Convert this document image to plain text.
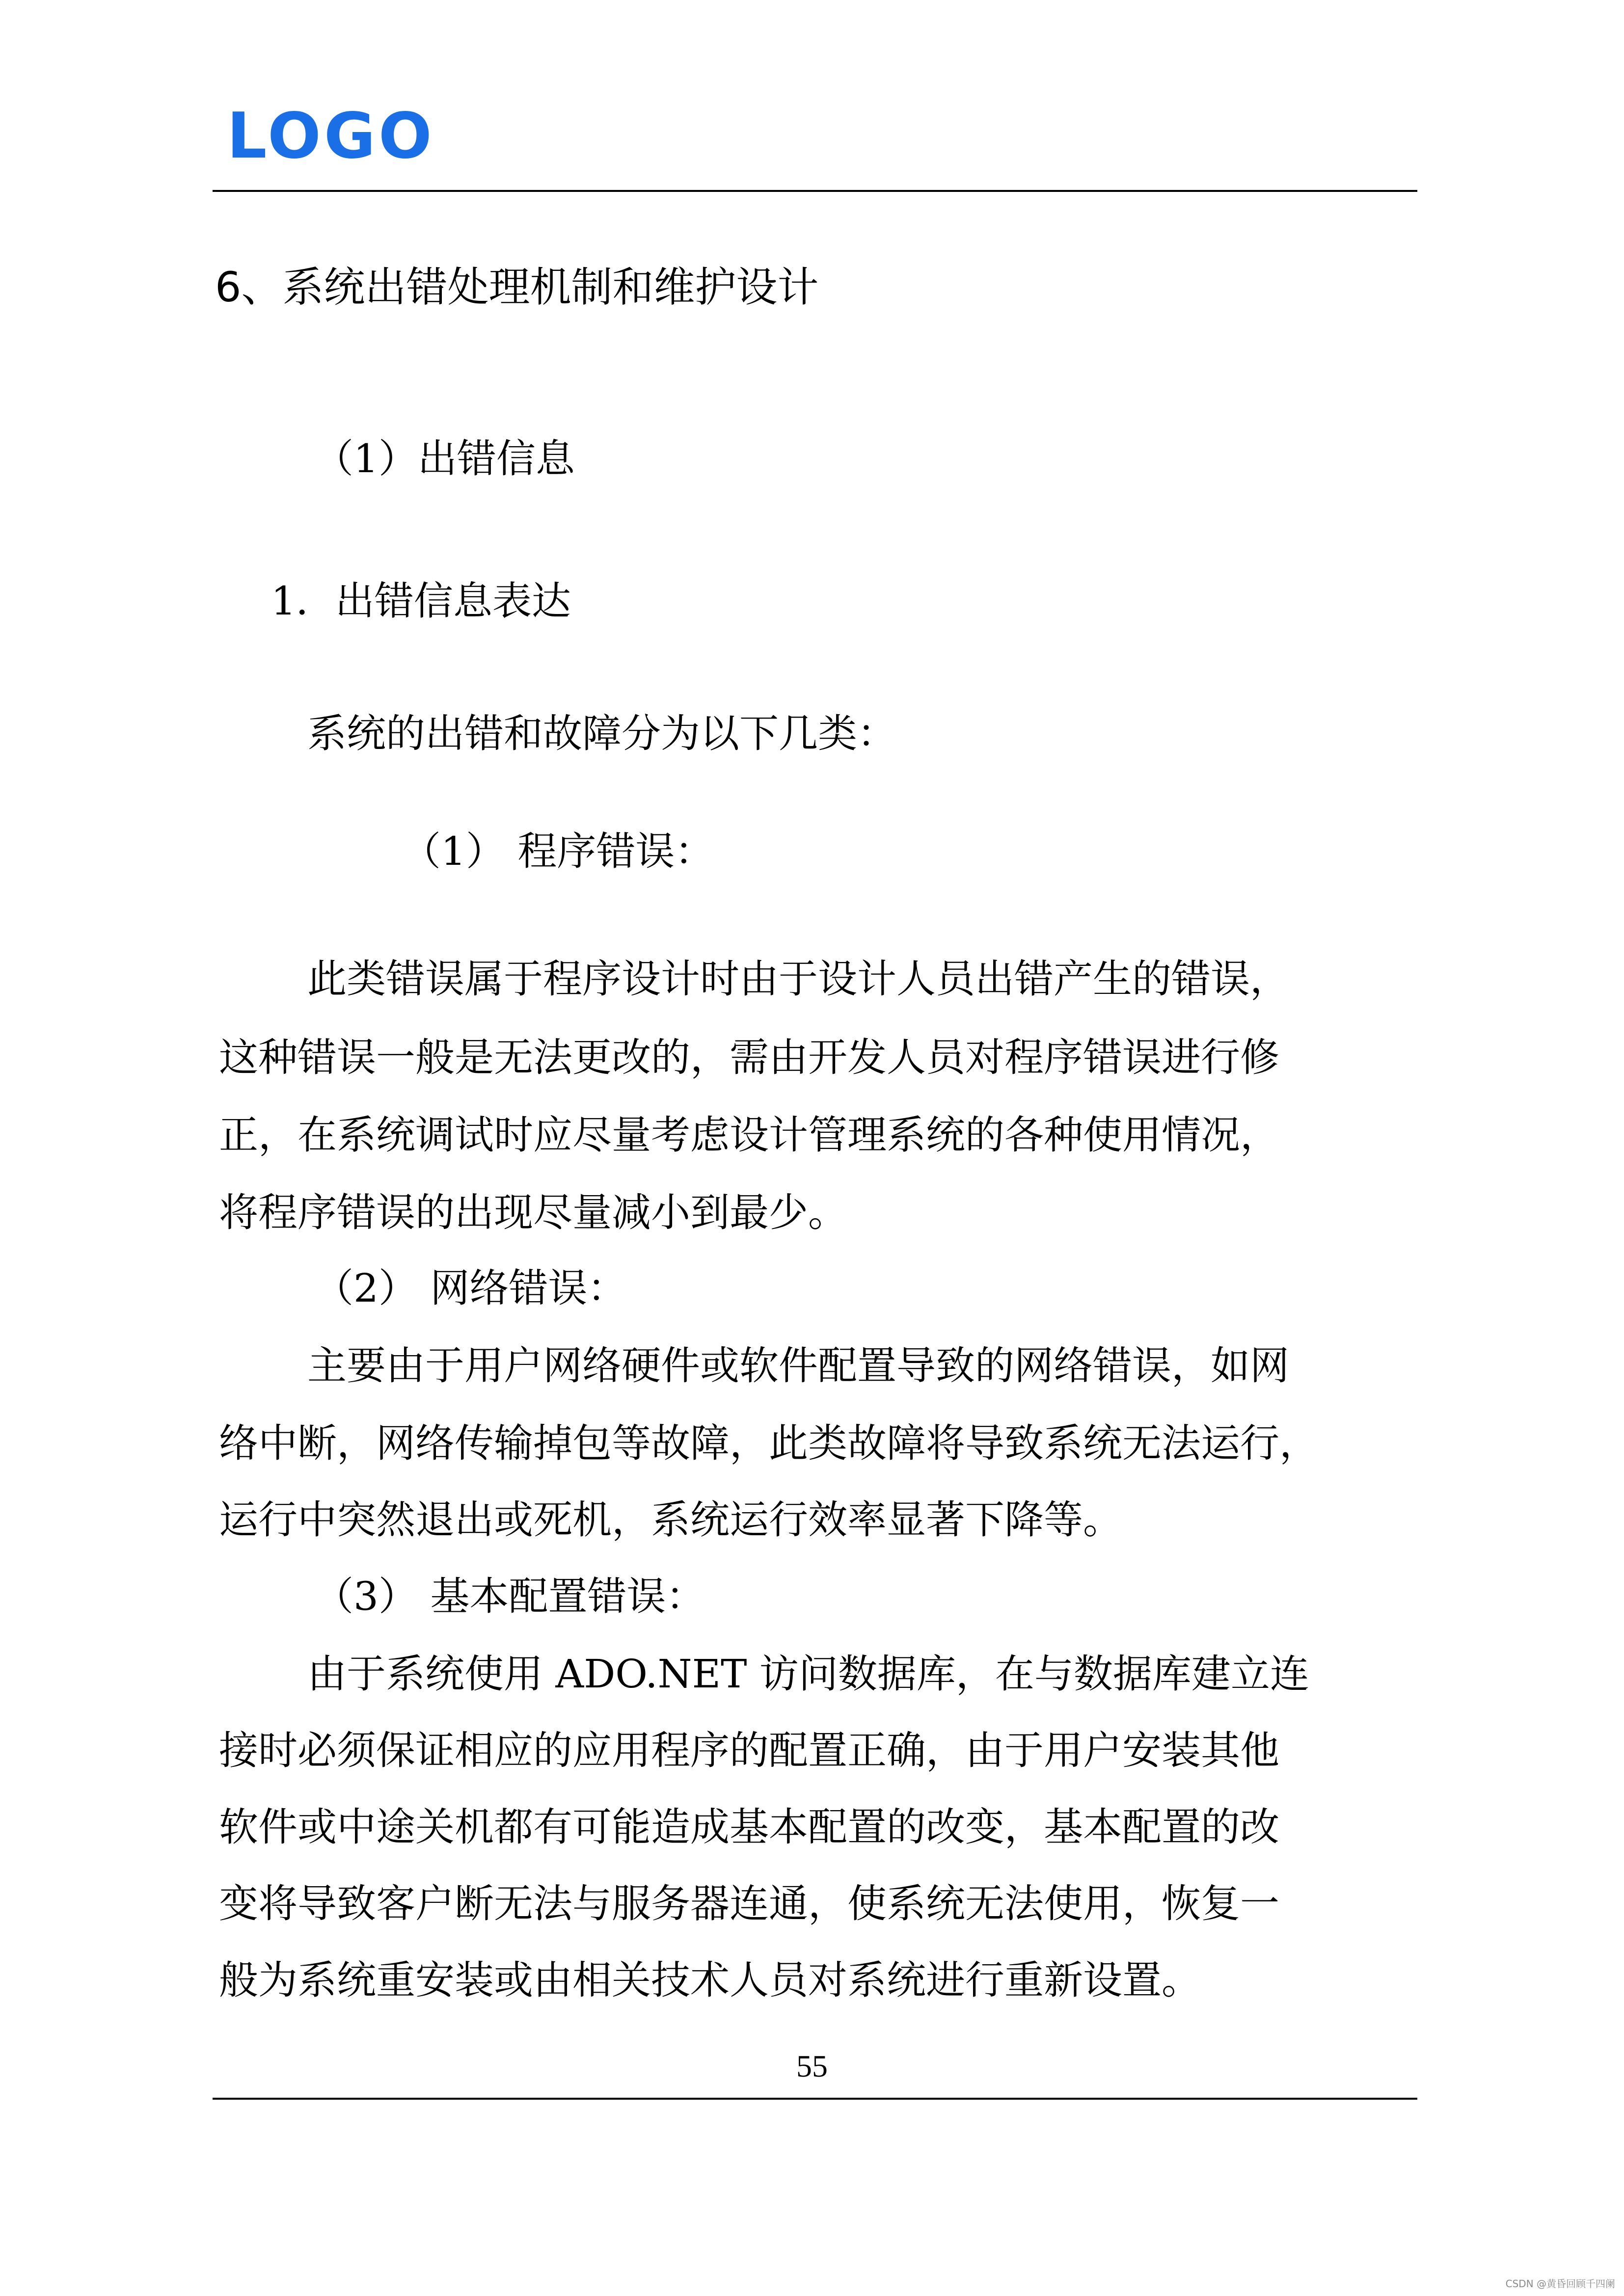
LOGO
6、系统出错处理机制和维护设计
（1）出错信息
1．出错信息表达
系统的出错和故障分为以下几类：
（1） 程序错误：
此类错误属于程序设计时由于设计人员出错产生的错误，
这种错误一般是无法更改的，需由开发人员对程序错误进行修
正，在系统调试时应尽量考虑设计管理系统的各种使用情况，
将程序错误的出现尽量减小到最少。
（2） 网络错误：
主要由于用户网络硬件或软件配置导致的网络错误，如网
络中断，网络传输掉包等故障，此类故障将导致系统无法运行，
运行中突然退出或死机，系统运行效率显著下降等。
（3） 基本配置错误：
由于系统使用 ADO.NET 访问数据库，在与数据库建立连
接时必须保证相应的应用程序的配置正确，由于用户安装其他
软件或中途关机都有可能造成基本配置的改变，基本配置的改
变将导致客户断无法与服务器连通，使系统无法使用，恢复一
般为系统重安装或由相关技术人员对系统进行重新设置。
55
CSDN @黄昏回顾千四阑
